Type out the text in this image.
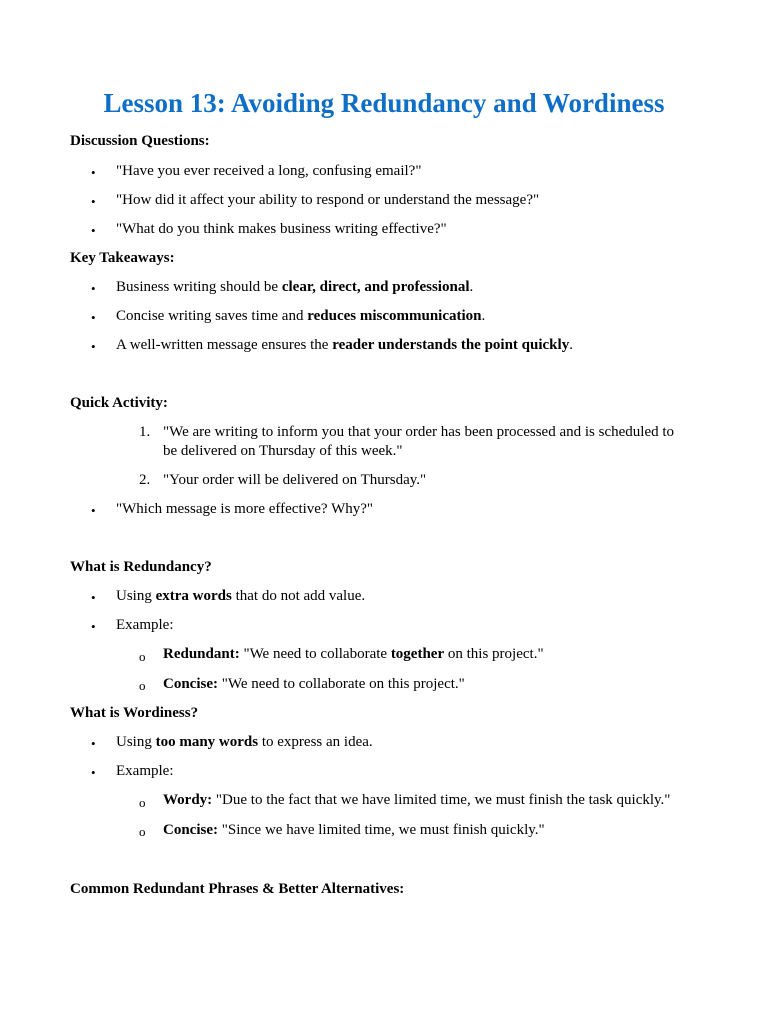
Lesson 13: Avoiding Redundancy and Wordiness
Discussion Questions:
• "Have you ever received a long, confusing email?"
• "How did it affect your ability to respond or understand the message?"
• "What do you think makes business writing effective?"
Key Takeaways:
• Business writing should be clear, direct, and professional.
• Concise writing saves time and reduces miscommunication.
• A well-written message ensures the reader understands the point quickly.
Quick Activity:
1. "We are writing to inform you that your order has been processed and is scheduled to
be delivered on Thursday of this week."
2. "Your order will be delivered on Thursday."
• "Which message is more effective? Why?"
What is Redundancy?
• Using extra words that do not add value.
• Example:
o Redundant: "We need to collaborate together on this project."
o Concise: "We need to collaborate on this project."
What is Wordiness?
• Using too many words to express an idea.
• Example:
o Wordy: "Due to the fact that we have limited time, we must finish the task quickly."
o Concise: "Since we have limited time, we must finish quickly."
Common Redundant Phrases & Better Alternatives:
